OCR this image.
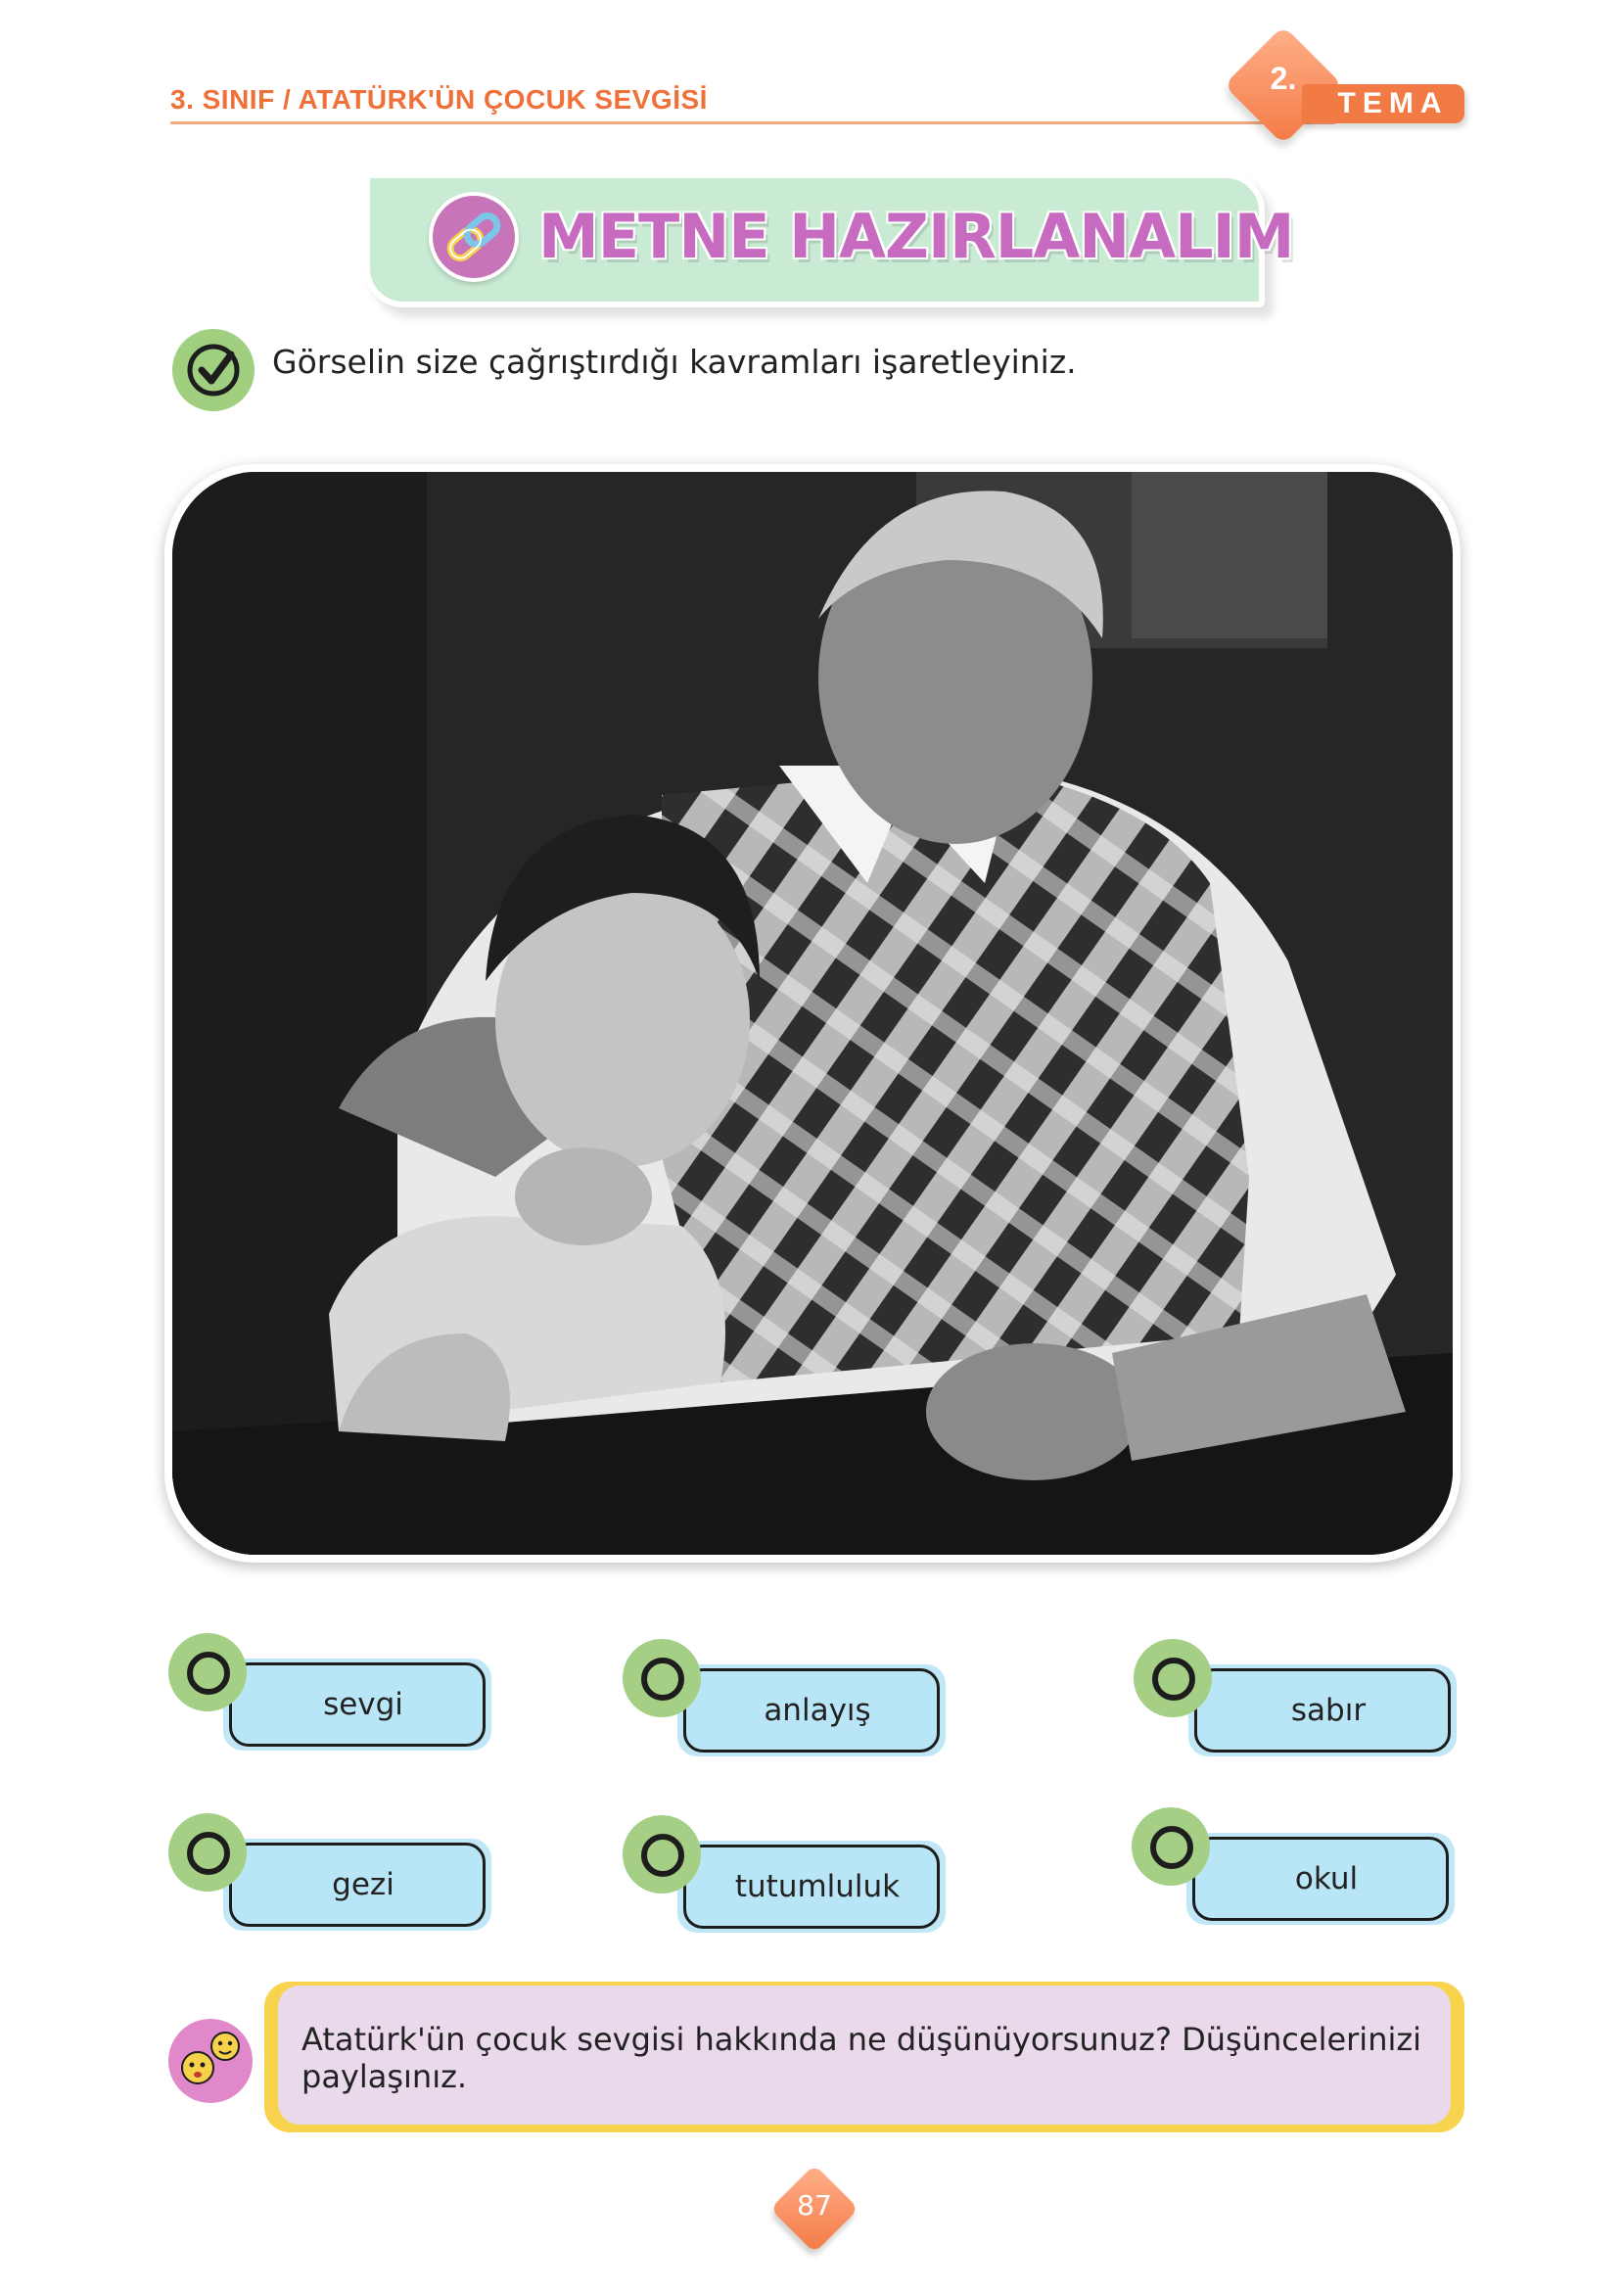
3. SINIF / ATATÜRK'ÜN ÇOCUK SEVGİSİ
2.
TEMA
METNE HAZIRLANALIM
Görselin size çağrıştırdığı kavramları işaretleyiniz.
sevgi	anlayış	sabır
gezi	tutumluluk	okul
Atatürk'ün çocuk sevgisi hakkında ne düşünüyorsunuz? Düşüncelerinizi paylaşınız.
87
